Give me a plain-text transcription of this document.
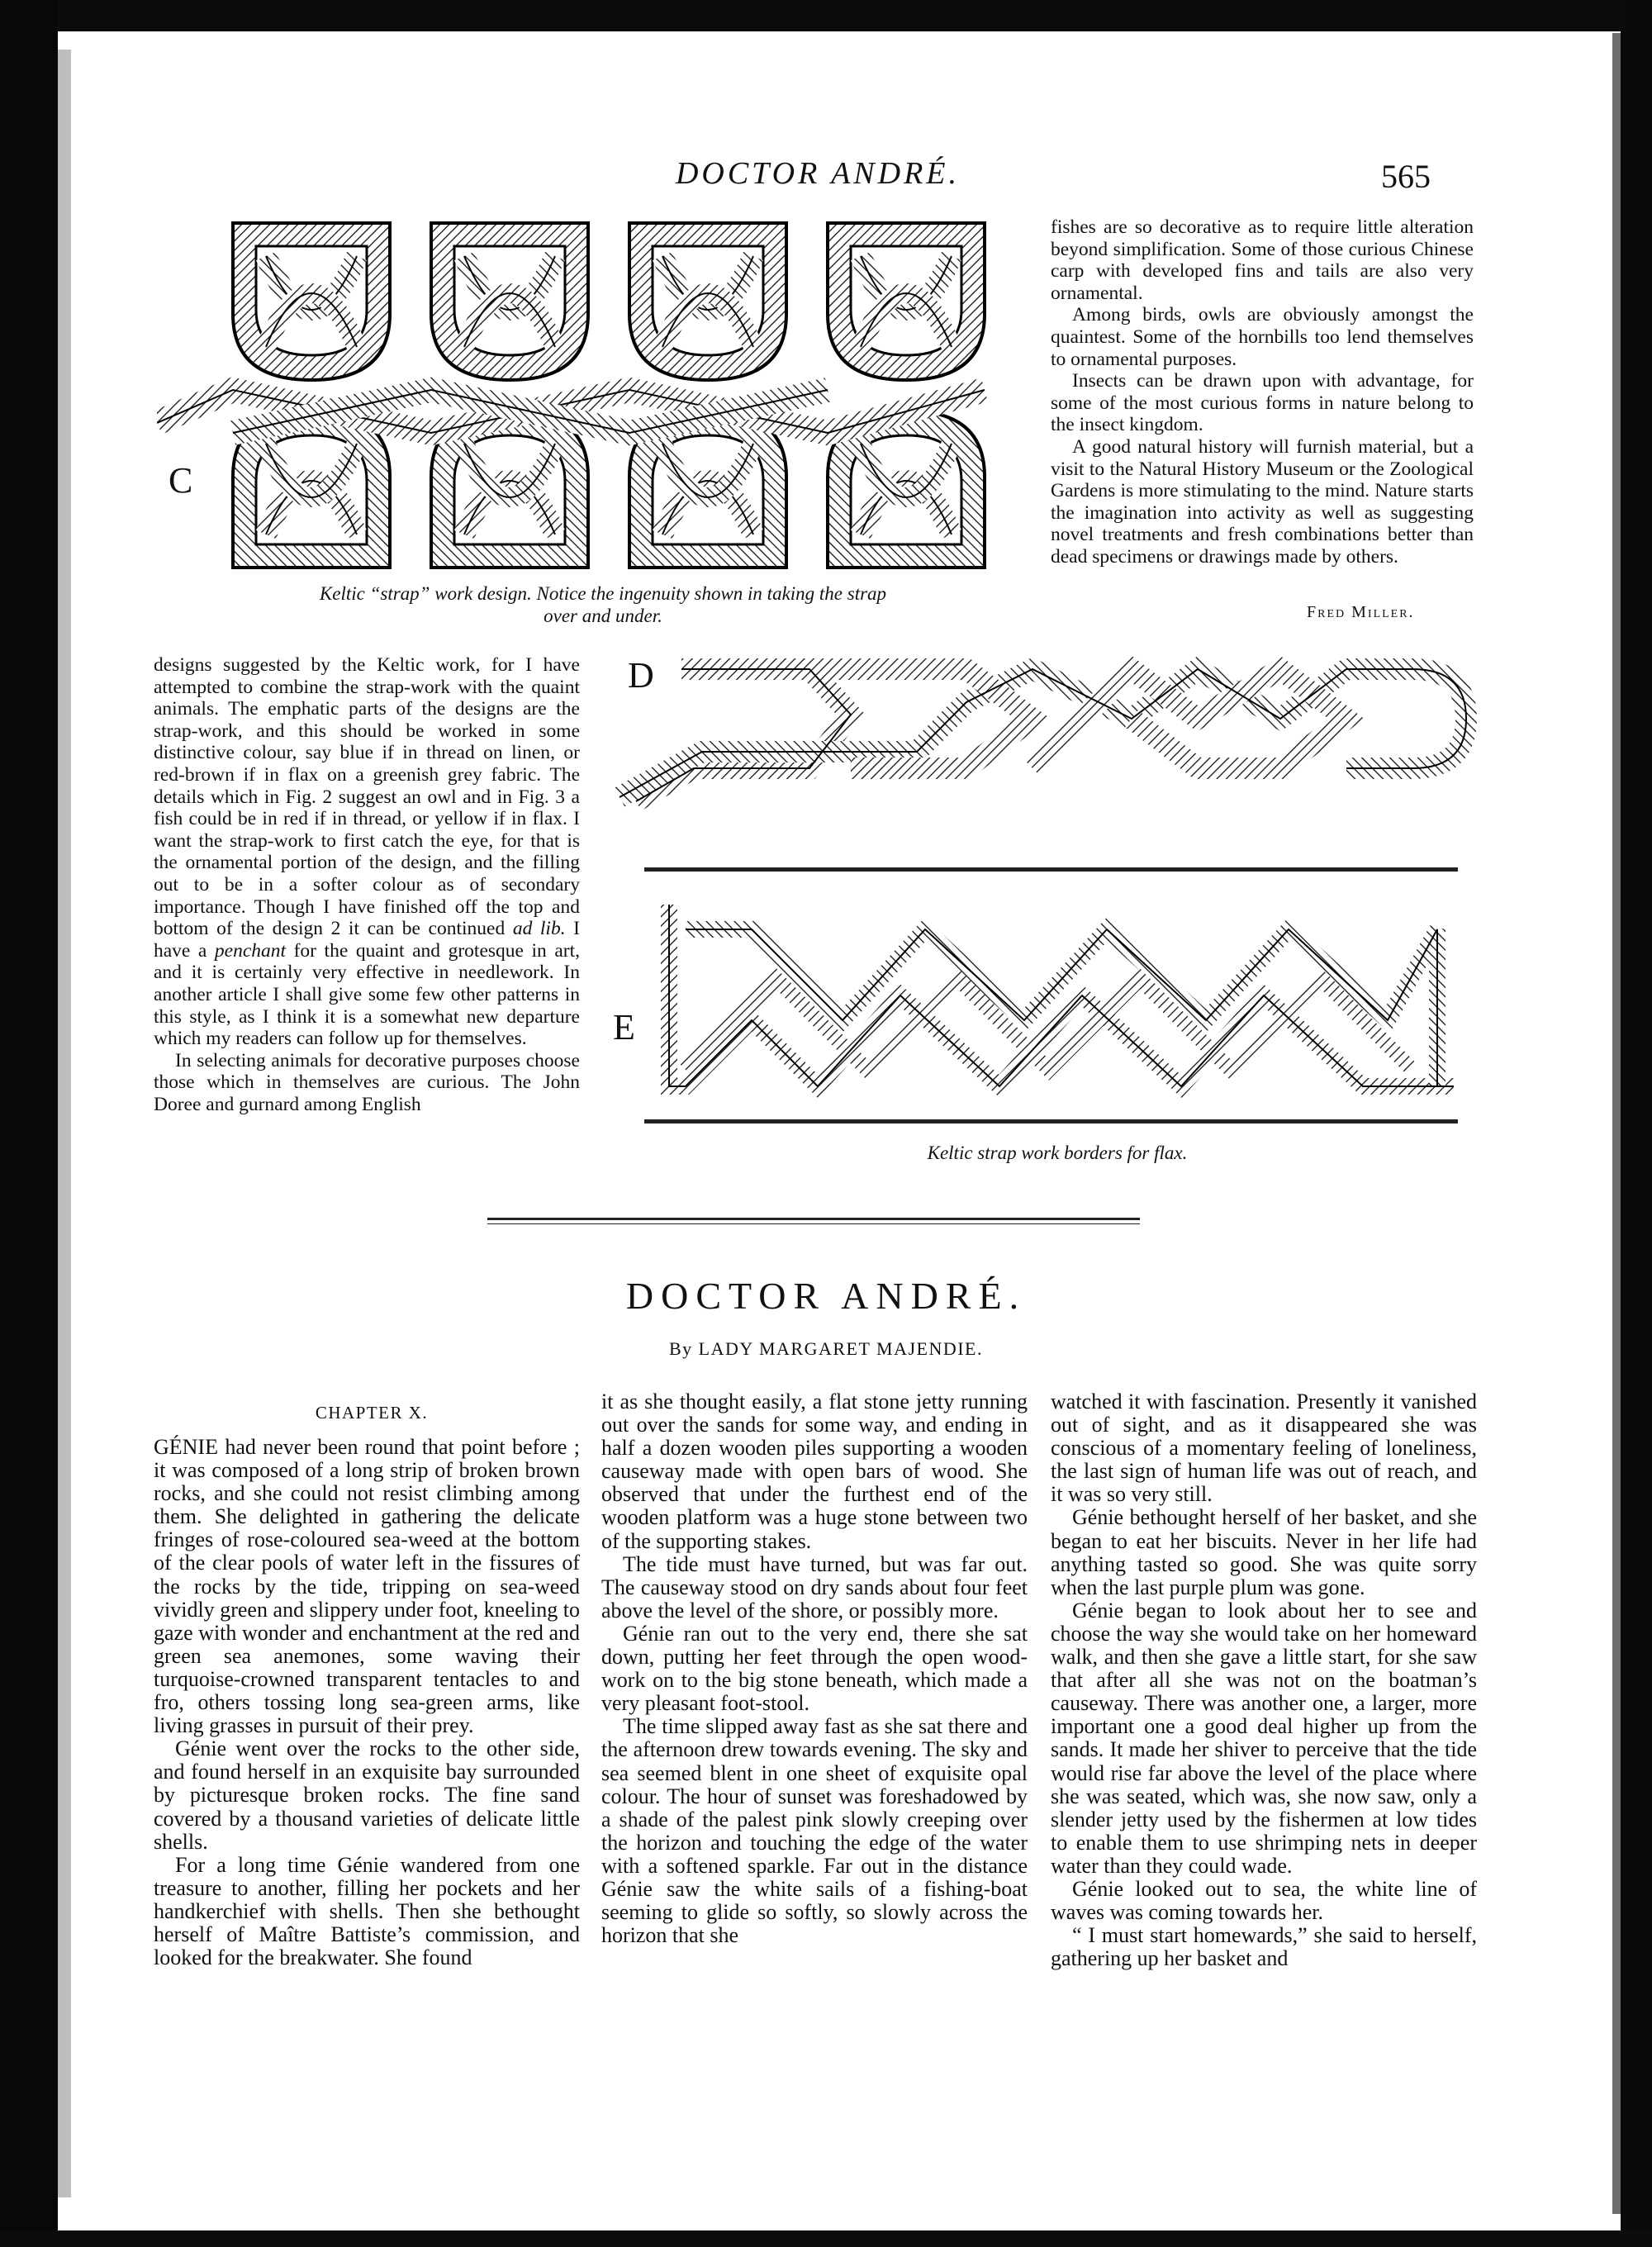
DOCTOR ANDRÉ.	565
C
Keltic “strap” work design. Notice the ingenuity shown in taking the strap
over and under.

fishes are so decorative as to require little alteration beyond simplification. Some of those curious Chinese carp with developed fins and tails are also very ornamental.

Among birds, owls are obviously amongst the quaintest. Some of the hornbills too lend themselves to ornamental purposes.

Insects can be drawn upon with advantage, for some of the most curious forms in nature belong to the insect kingdom.

A good natural history will furnish material, but a visit to the Natural History Museum or the Zoological Gardens is more stimulating to the mind. Nature starts the imagination into activity as well as suggesting novel treatments and fresh combinations better than dead specimens or drawings made by others.

Fred Miller.

designs suggested by the Keltic work, for I have attempted to combine the strap-work with the quaint animals. The emphatic parts of the designs are the strap-work, and this should be worked in some distinctive colour, say blue if in thread on linen, or red-brown if in flax on a greenish grey fabric. The details which in Fig. 2 suggest an owl and in Fig. 3 a fish could be in red if in thread, or yellow if in flax. I want the strap-work to first catch the eye, for that is the ornamental portion of the design, and the filling out to be in a softer colour as of secondary importance. Though I have finished off the top and bottom of the design 2 it can be continued ad lib. I have a penchant for the quaint and grotesque in art, and it is certainly very effective in needlework. In another article I shall give some few other patterns in this style, as I think it is a somewhat new departure which my readers can follow up for themselves.

In selecting animals for decorative purposes choose those which in themselves are curious. The John Doree and gurnard among English

D
E
Keltic strap work borders for flax.
DOCTOR ANDRÉ.
By LADY MARGARET MAJENDIE.
CHAPTER X.

GÉNIE had never been round that point before ; it was composed of a long strip of broken brown rocks, and she could not resist climbing among them. She delighted in gathering the delicate fringes of rose-coloured sea-weed at the bottom of the clear pools of water left in the fissures of the rocks by the tide, tripping on sea-weed vividly green and slippery under foot, kneeling to gaze with wonder and enchantment at the red and green sea anemones, some waving their turquoise-crowned transparent tentacles to and fro, others tossing long sea-green arms, like living grasses in pursuit of their prey.

Génie went over the rocks to the other side, and found herself in an exquisite bay surrounded by picturesque broken rocks. The fine sand covered by a thousand varieties of delicate little shells.

For a long time Génie wandered from one treasure to another, filling her pockets and her handkerchief with shells. Then she bethought herself of Maître Battiste’s commission, and looked for the breakwater. She found

it as she thought easily, a flat stone jetty running out over the sands for some way, and ending in half a dozen wooden piles supporting a wooden causeway made with open bars of wood. She observed that under the furthest end of the wooden platform was a huge stone between two of the supporting stakes.

The tide must have turned, but was far out. The causeway stood on dry sands about four feet above the level of the shore, or possibly more.

Génie ran out to the very end, there she sat down, putting her feet through the open wood-work on to the big stone beneath, which made a very pleasant foot-stool.

The time slipped away fast as she sat there and the afternoon drew towards evening. The sky and sea seemed blent in one sheet of exquisite opal colour. The hour of sunset was foreshadowed by a shade of the palest pink slowly creeping over the horizon and touching the edge of the water with a softened sparkle. Far out in the distance Génie saw the white sails of a fishing-boat seeming to glide so softly, so slowly across the horizon that she

watched it with fascination. Presently it vanished out of sight, and as it disappeared she was conscious of a momentary feeling of loneliness, the last sign of human life was out of reach, and it was so very still.

Génie bethought herself of her basket, and she began to eat her biscuits. Never in her life had anything tasted so good. She was quite sorry when the last purple plum was gone.

Génie began to look about her to see and choose the way she would take on her homeward walk, and then she gave a little start, for she saw that after all she was not on the boatman’s causeway. There was another one, a larger, more important one a good deal higher up from the sands. It made her shiver to perceive that the tide would rise far above the level of the place where she was seated, which was, she now saw, only a slender jetty used by the fishermen at low tides to enable them to use shrimping nets in deeper water than they could wade.

Génie looked out to sea, the white line of waves was coming towards her.

“ I must start homewards,” she said to herself, gathering up her basket and
